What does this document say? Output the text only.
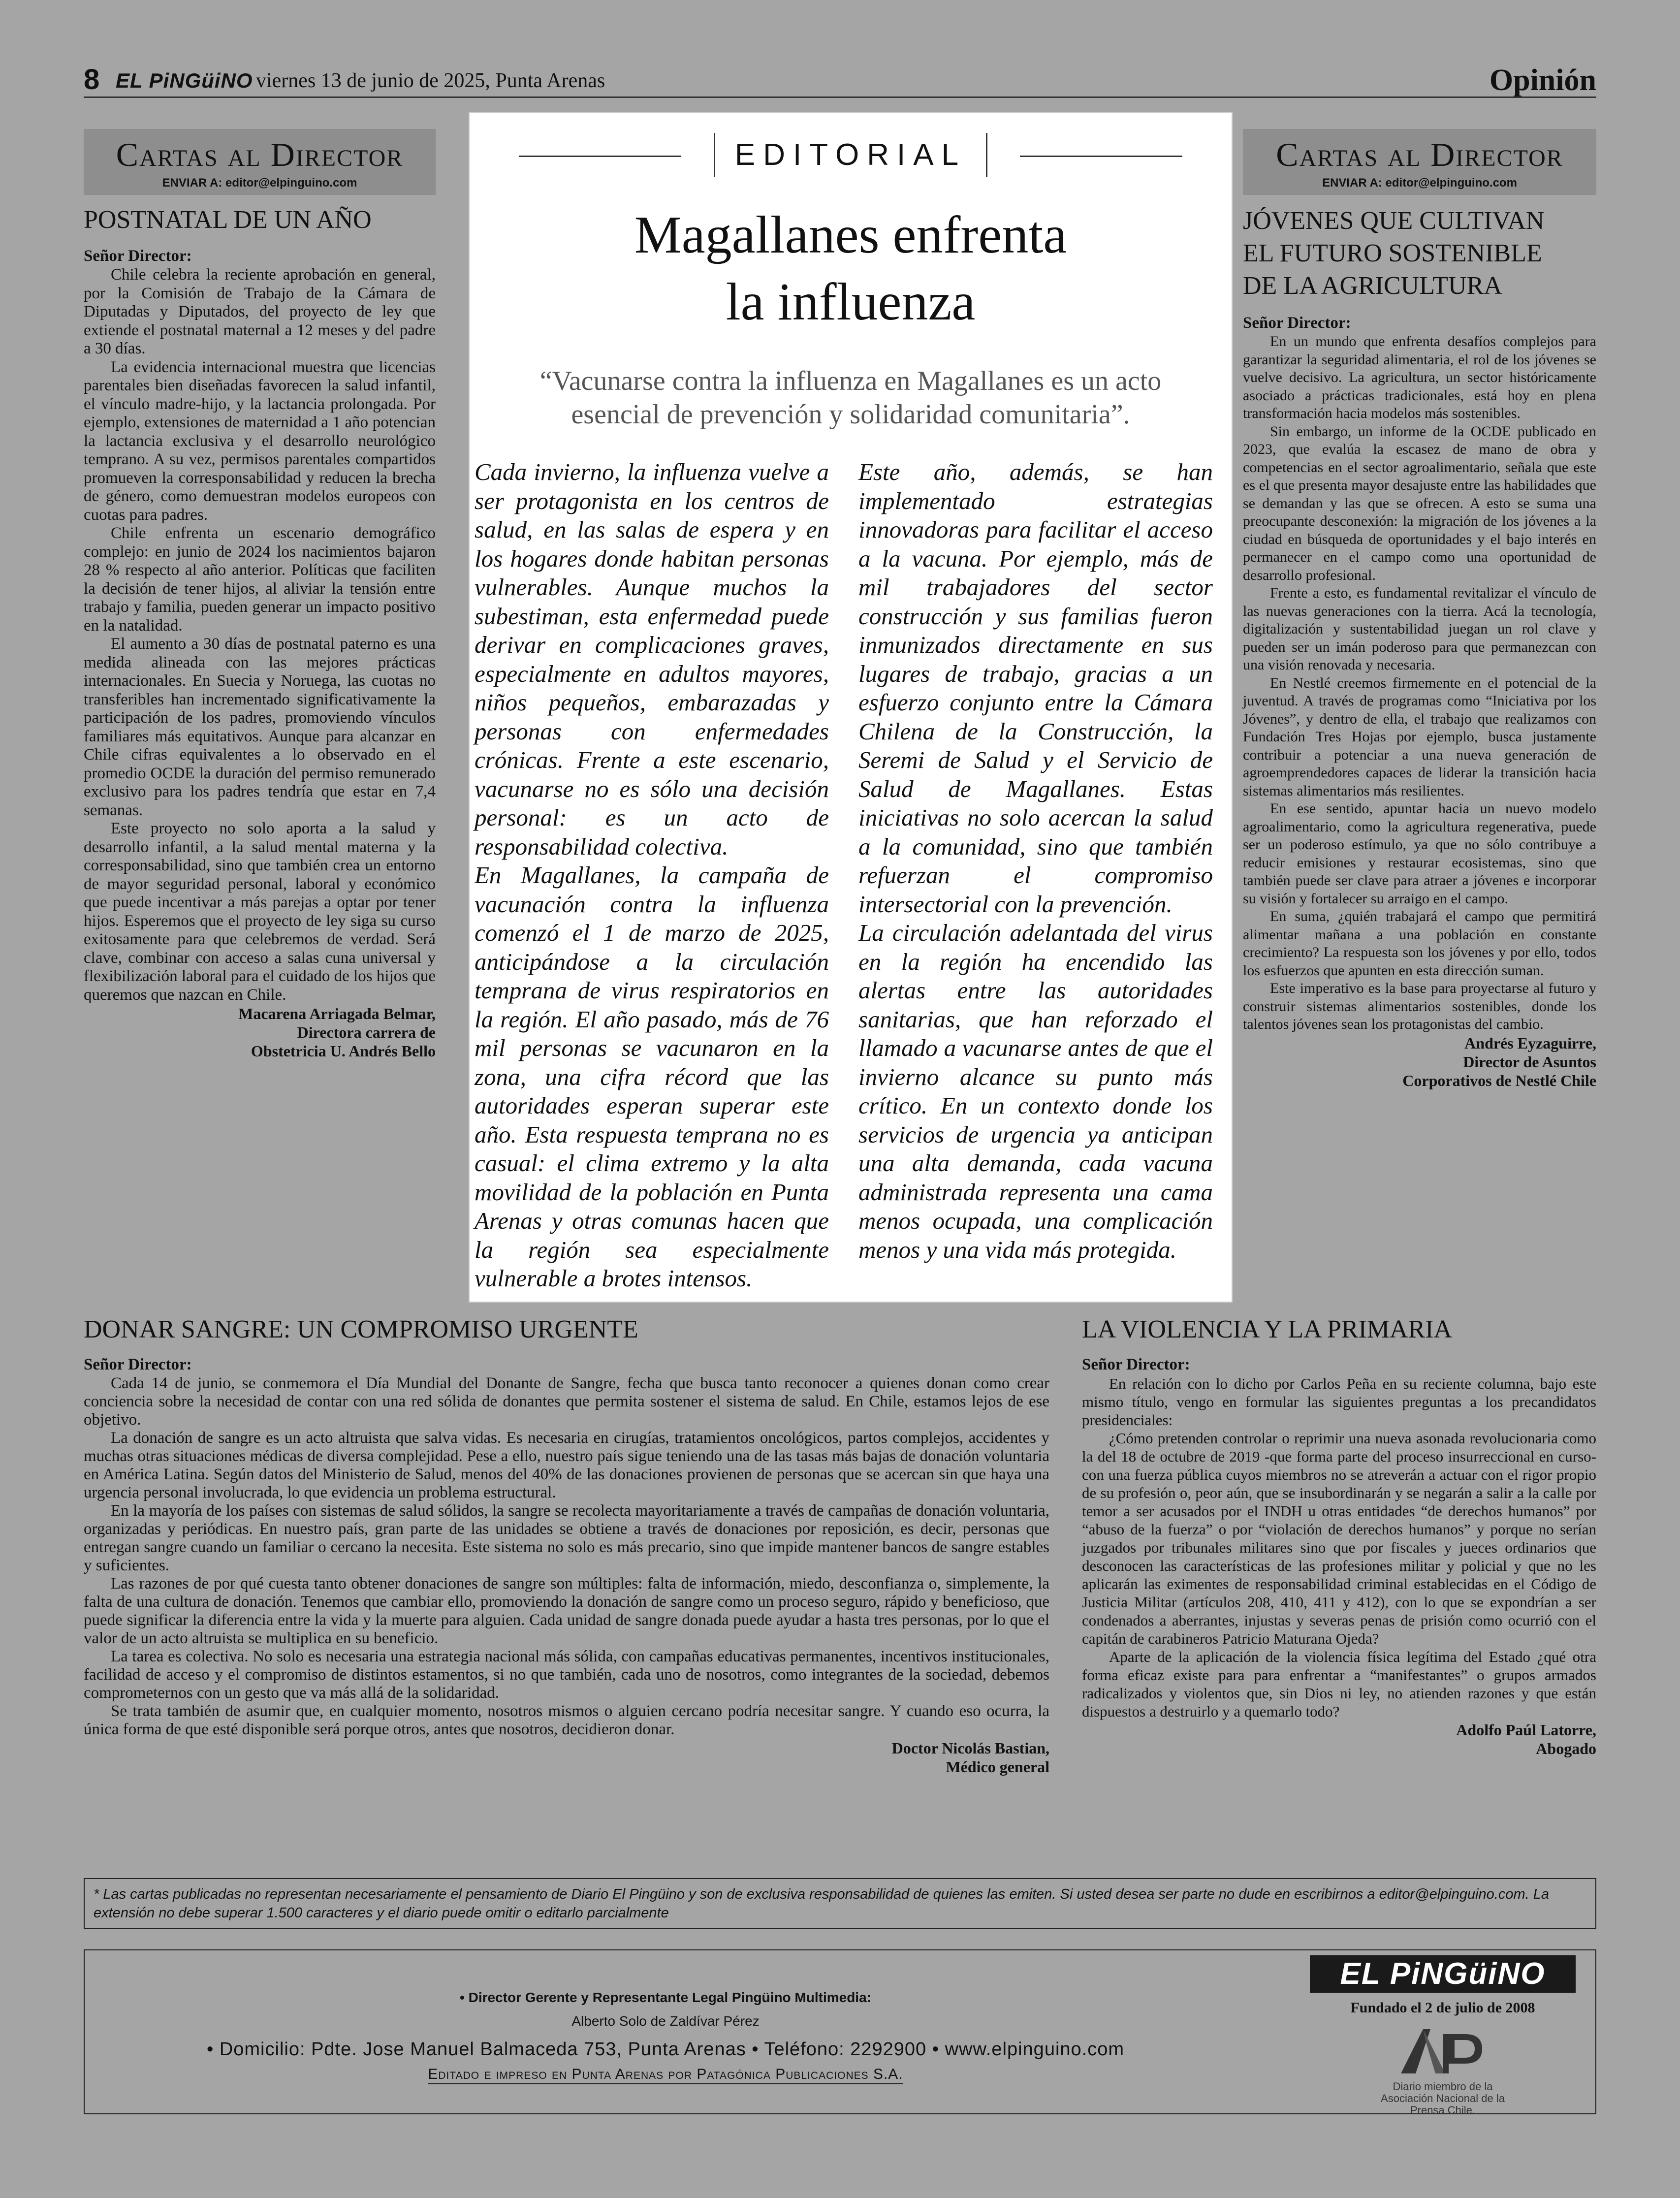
8 EL PiNGüiNO viernes 13 de junio de 2025, Punta Arenas	Opinión
Cartas al Director
ENVIAR A: editor@elpinguino.com
POSTNATAL DE UN AÑO
Señor Director:

Chile celebra la reciente aprobación en general, por la Comisión de Trabajo de la Cámara de Diputadas y Diputados, del proyecto de ley que extiende el postnatal maternal a 12 meses y del padre a 30 días.

La evidencia internacional muestra que licencias parentales bien diseñadas favorecen la salud infantil, el vínculo madre-hijo, y la lactancia prolongada. Por ejemplo, extensiones de maternidad a 1 año potencian la lactancia exclusiva y el desarrollo neurológico temprano. A su vez, permisos parentales compartidos promueven la corresponsabilidad y reducen la brecha de género, como demuestran modelos europeos con cuotas para padres.

Chile enfrenta un escenario demográfico complejo: en junio de 2024 los nacimientos bajaron 28 % respecto al año anterior. Políticas que faciliten la decisión de tener hijos, al aliviar la tensión entre trabajo y familia, pueden generar un impacto positivo en la natalidad.

El aumento a 30 días de postnatal paterno es una medida alineada con las mejores prácticas internacionales. En Suecia y Noruega, las cuotas no transferibles han incrementado significativamente la participación de los padres, promoviendo vínculos familiares más equitativos. Aunque para alcanzar en Chile cifras equivalentes a lo observado en el promedio OCDE la duración del permiso remunerado exclusivo para los padres tendría que estar en 7,4 semanas.

Este proyecto no solo aporta a la salud y desarrollo infantil, a la salud mental materna y la corresponsabilidad, sino que también crea un entorno de mayor seguridad personal, laboral y económico que puede incentivar a más parejas a optar por tener hijos. Esperemos que el proyecto de ley siga su curso exitosamente para que celebremos de verdad. Será clave, combinar con acceso a salas cuna universal y flexibilización laboral para el cuidado de los hijos que queremos que nazcan en Chile.

Macarena Arriagada Belmar,
Directora carrera de
Obstetricia U. Andrés Bello
EDITORIAL
Magallanes enfrenta
la influenza
“Vacunarse contra la influenza en Magallanes es un acto esencial de prevención y solidaridad comunitaria”.

Cada invierno, la influenza vuelve a ser protagonista en los centros de salud, en las salas de espera y en los hogares donde habitan personas vulnerables. Aunque muchos la subestiman, esta enfermedad puede derivar en complicaciones graves, especialmente en adultos mayores, niños pequeños, embarazadas y personas con enfermedades crónicas. Frente a este escenario, vacunarse no es sólo una decisión personal: es un acto de responsabilidad colectiva.

En Magallanes, la campaña de vacunación contra la influenza comenzó el 1 de marzo de 2025, anticipándose a la circulación temprana de virus respiratorios en la región. El año pasado, más de 76 mil personas se vacunaron en la zona, una cifra récord que las autoridades esperan superar este año. Esta respuesta temprana no es casual: el clima extremo y la alta movilidad de la población en Punta Arenas y otras comunas hacen que la región sea especialmente vulnerable a brotes intensos.

Este año, además, se han implementado estrategias innovadoras para facilitar el acceso a la vacuna. Por ejemplo, más de mil trabajadores del sector construcción y sus familias fueron inmunizados directamente en sus lugares de trabajo, gracias a un esfuerzo conjunto entre la Cámara Chilena de la Construcción, la Seremi de Salud y el Servicio de Salud de Magallanes. Estas iniciativas no solo acercan la salud a la comunidad, sino que también refuerzan el compromiso intersectorial con la prevención.

La circulación adelantada del virus en la región ha encendido las alertas entre las autoridades sanitarias, que han reforzado el llamado a vacunarse antes de que el invierno alcance su punto más crítico. En un contexto donde los servicios de urgencia ya anticipan una alta demanda, cada vacuna administrada representa una cama menos ocupada, una complicación menos y una vida más protegida.

Cartas al Director
ENVIAR A: editor@elpinguino.com
JÓVENES QUE CULTIVAN
EL FUTURO SOSTENIBLE
DE LA AGRICULTURA
Señor Director:

En un mundo que enfrenta desafíos complejos para garantizar la seguridad alimentaria, el rol de los jóvenes se vuelve decisivo. La agricultura, un sector históricamente asociado a prácticas tradicionales, está hoy en plena transformación hacia modelos más sostenibles.

Sin embargo, un informe de la OCDE publicado en 2023, que evalúa la escasez de mano de obra y competencias en el sector agroalimentario, señala que este es el que presenta mayor desajuste entre las habilidades que se demandan y las que se ofrecen. A esto se suma una preocupante desconexión: la migración de los jóvenes a la ciudad en búsqueda de oportunidades y el bajo interés en permanecer en el campo como una oportunidad de desarrollo profesional.

Frente a esto, es fundamental revitalizar el vínculo de las nuevas generaciones con la tierra. Acá la tecnología, digitalización y sustentabilidad juegan un rol clave y pueden ser un imán poderoso para que permanezcan con una visión renovada y necesaria.

En Nestlé creemos firmemente en el potencial de la juventud. A través de programas como “Iniciativa por los Jóvenes”, y dentro de ella, el trabajo que realizamos con Fundación Tres Hojas por ejemplo, busca justamente contribuir a potenciar a una nueva generación de agroemprendedores capaces de liderar la transición hacia sistemas alimentarios más resilientes.

En ese sentido, apuntar hacia un nuevo modelo agroalimentario, como la agricultura regenerativa, puede ser un poderoso estímulo, ya que no sólo contribuye a reducir emisiones y restaurar ecosistemas, sino que también puede ser clave para atraer a jóvenes e incorporar su visión y fortalecer su arraigo en el campo.

En suma, ¿quién trabajará el campo que permitirá alimentar mañana a una población en constante crecimiento? La respuesta son los jóvenes y por ello, todos los esfuerzos que apunten en esta dirección suman.

Este imperativo es la base para proyectarse al futuro y construir sistemas alimentarios sostenibles, donde los talentos jóvenes sean los protagonistas del cambio.

Andrés Eyzaguirre,
Director de Asuntos
Corporativos de Nestlé Chile
DONAR SANGRE: UN COMPROMISO URGENTE
Señor Director:

Cada 14 de junio, se conmemora el Día Mundial del Donante de Sangre, fecha que busca tanto reconocer a quienes donan como crear conciencia sobre la necesidad de contar con una red sólida de donantes que permita sostener el sistema de salud. En Chile, estamos lejos de ese objetivo.

La donación de sangre es un acto altruista que salva vidas. Es necesaria en cirugías, tratamientos oncológicos, partos complejos, accidentes y muchas otras situaciones médicas de diversa complejidad. Pese a ello, nuestro país sigue teniendo una de las tasas más bajas de donación voluntaria en América Latina. Según datos del Ministerio de Salud, menos del 40% de las donaciones provienen de personas que se acercan sin que haya una urgencia personal involucrada, lo que evidencia un problema estructural.

En la mayoría de los países con sistemas de salud sólidos, la sangre se recolecta mayoritariamente a través de campañas de donación voluntaria, organizadas y periódicas. En nuestro país, gran parte de las unidades se obtiene a través de donaciones por reposición, es decir, personas que entregan sangre cuando un familiar o cercano la necesita. Este sistema no solo es más precario, sino que impide mantener bancos de sangre estables y suficientes.

Las razones de por qué cuesta tanto obtener donaciones de sangre son múltiples: falta de información, miedo, desconfianza o, simplemente, la falta de una cultura de donación. Tenemos que cambiar ello, promoviendo la donación de sangre como un proceso seguro, rápido y beneficioso, que puede significar la diferencia entre la vida y la muerte para alguien. Cada unidad de sangre donada puede ayudar a hasta tres personas, por lo que el valor de un acto altruista se multiplica en su beneficio.

La tarea es colectiva. No solo es necesaria una estrategia nacional más sólida, con campañas educativas permanentes, incentivos institucionales, facilidad de acceso y el compromiso de distintos estamentos, si no que también, cada uno de nosotros, como integrantes de la sociedad, debemos comprometernos con un gesto que va más allá de la solidaridad.

Se trata también de asumir que, en cualquier momento, nosotros mismos o alguien cercano podría necesitar sangre. Y cuando eso ocurra, la única forma de que esté disponible será porque otros, antes que nosotros, decidieron donar.

Doctor Nicolás Bastian,
Médico general
LA VIOLENCIA Y LA PRIMARIA
Señor Director:

En relación con lo dicho por Carlos Peña en su reciente columna, bajo este mismo título, vengo en formular las siguientes preguntas a los precandidatos presidenciales:

¿Cómo pretenden controlar o reprimir una nueva asonada revolucionaria como la del 18 de octubre de 2019 -que forma parte del proceso insurreccional en curso- con una fuerza pública cuyos miembros no se atreverán a actuar con el rigor propio de su profesión o, peor aún, que se insubordinarán y se negarán a salir a la calle por temor a ser acusados por el INDH u otras entidades “de derechos humanos” por “abuso de la fuerza” o por “violación de derechos humanos” y porque no serían juzgados por tribunales militares sino que por fiscales y jueces ordinarios que desconocen las características de las profesiones militar y policial y que no les aplicarán las eximentes de responsabilidad criminal establecidas en el Código de Justicia Militar (artículos 208, 410, 411 y 412), con lo que se expondrían a ser condenados a aberrantes, injustas y severas penas de prisión como ocurrió con el capitán de carabineros Patricio Maturana Ojeda?

Aparte de la aplicación de la violencia física legítima del Estado ¿qué otra forma eficaz existe para para enfrentar a “manifestantes” o grupos armados radicalizados y violentos que, sin Dios ni ley, no atienden razones y que están dispuestos a destruirlo y a quemarlo todo?

Adolfo Paúl Latorre,
Abogado
* Las cartas publicadas no representan necesariamente el pensamiento de Diario El Pingüino y son de exclusiva responsabilidad de quienes las emiten. Si usted desea ser parte no dude en escribirnos a editor@elpinguino.com. La extensión no debe superar 1.500 caracteres y el diario puede omitir o editarlo parcialmente
• Director Gerente y Representante Legal Pingüino Multimedia:
Alberto Solo de Zaldívar Pérez
• Domicilio: Pdte. Jose Manuel Balmaceda 753, Punta Arenas • Teléfono: 2292900 • www.elpinguino.com
Editado e impreso en Punta Arenas por Patagónica Publicaciones S.A.
EL PiNGüiNO
Fundado el 2 de julio de 2008
ANP
Diario miembro de la Asociación Nacional de la Prensa Chile.
